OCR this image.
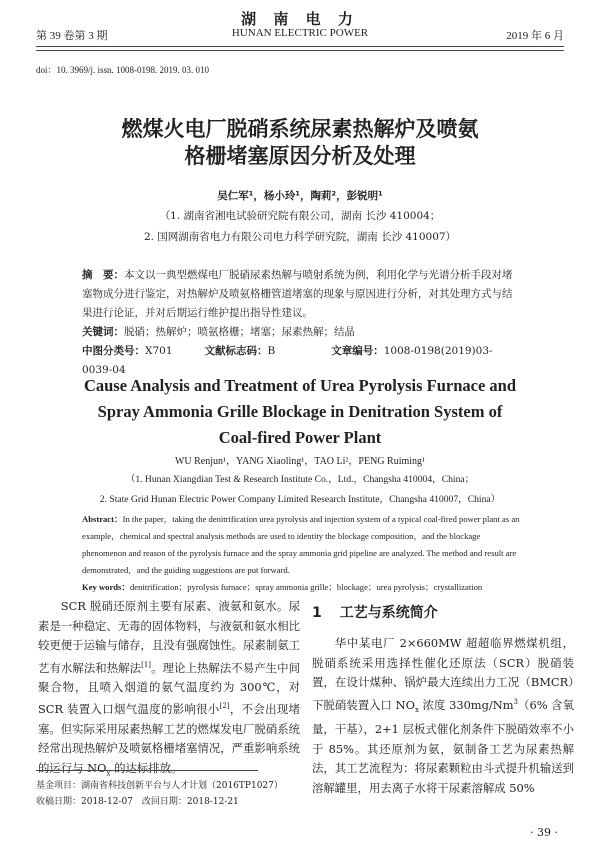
湖 南 电 力
第 39 卷第 3 期	HUNAN ELECTRIC POWER	2019 年 6 月
doi：10. 3969/j. issn. 1008-0198. 2019. 03. 010
燃煤火电厂脱硝系统尿素热解炉及喷氨
格栅堵塞原因分析及处理
吴仁军¹，杨小玲¹，陶莉²，彭锐明¹
（1. 湖南省湘电试验研究院有限公司，湖南 长沙 410004；
2. 国网湖南省电力有限公司电力科学研究院，湖南 长沙 410007）
摘　要：本文以一典型燃煤电厂脱硝尿素热解与喷射系统为例，利用化学与光谱分析手段对堵塞物成分进行鉴定，对热解炉及喷氨格栅管道堵塞的现象与原因进行分析，对其处理方式与结果进行论证，并对后期运行维护提出指导性建议。
关键词：脱硝；热解炉；喷氨格栅；堵塞；尿素热解；结晶
中图分类号：X701	文献标志码：B	文章编号：1008-0198(2019)03-0039-04
Cause Analysis and Treatment of Urea Pyrolysis Furnace and
Spray Ammonia Grille Blockage in Denitration System of
Coal-fired Power Plant
WU Renjun¹，YANG Xiaoling¹，TAO Li²，PENG Ruiming¹
（1. Hunan Xiangdian Test & Research Institute Co.，Ltd.，Changsha 410004，China；
2. State Grid Hunan Electric Power Company Limited Research Institute，Changsha 410007，China）
Abstract：In the paper，taking the denitrification urea pyrolysis and injection system of a typical coal-fired power plant as an example，chemical and spectral analysis methods are used to identity the blockage composition，and the blockage phenomenon and reason of the pyrolysis furnace and the spray ammonia grid pipeline are analyzed. The method and result are demonstrated，and the guiding suggestions are put forward.
Key words：denitrification；pyrolysis furnace；spray ammonia grille；blockage；urea pyrolysis；crystallization

SCR 脱硝还原剂主要有尿素、液氨和氨水。尿素是一种稳定、无毒的固体物料，与液氨和氨水相比较更便于运输与储存，且没有强腐蚀性。尿素制氨工艺有水解法和热解法[1]。理论上热解法不易产生中间聚合物，且喷入烟道的氨气温度约为 300℃，对 SCR 装置入口烟气温度的影响很小[2]，不会出现堵塞。但实际采用尿素热解工艺的燃煤发电厂脱硝系统经常出现热解炉及喷氨格栅堵塞情况，严重影响系统的运行与 $NO_x$ 的达标排放。

1 工艺与系统简介

华中某电厂 2×660MW 超超临界燃煤机组，脱硝系统采用选择性催化还原法（SCR）脱硝装置，在设计煤种、锅炉最大连续出力工况（BMCR）下脱硝装置入口 $NO_x$ 浓度 330mg/Nm$^3$（6% 含氧量，干基），2+1 层板式催化剂条件下脱硝效率不小于 85%。其还原剂为氨，氨制备工艺为尿素热解法，其工艺流程为：将尿素颗粒由斗式提升机输送到溶解罐里，用去离子水将干尿素溶解成 50%

基金项目：湖南省科技创新平台与人才计划（2016TP1027）
收稿日期：2018-12-07　改回日期：2018-12-21
· 39 ·
